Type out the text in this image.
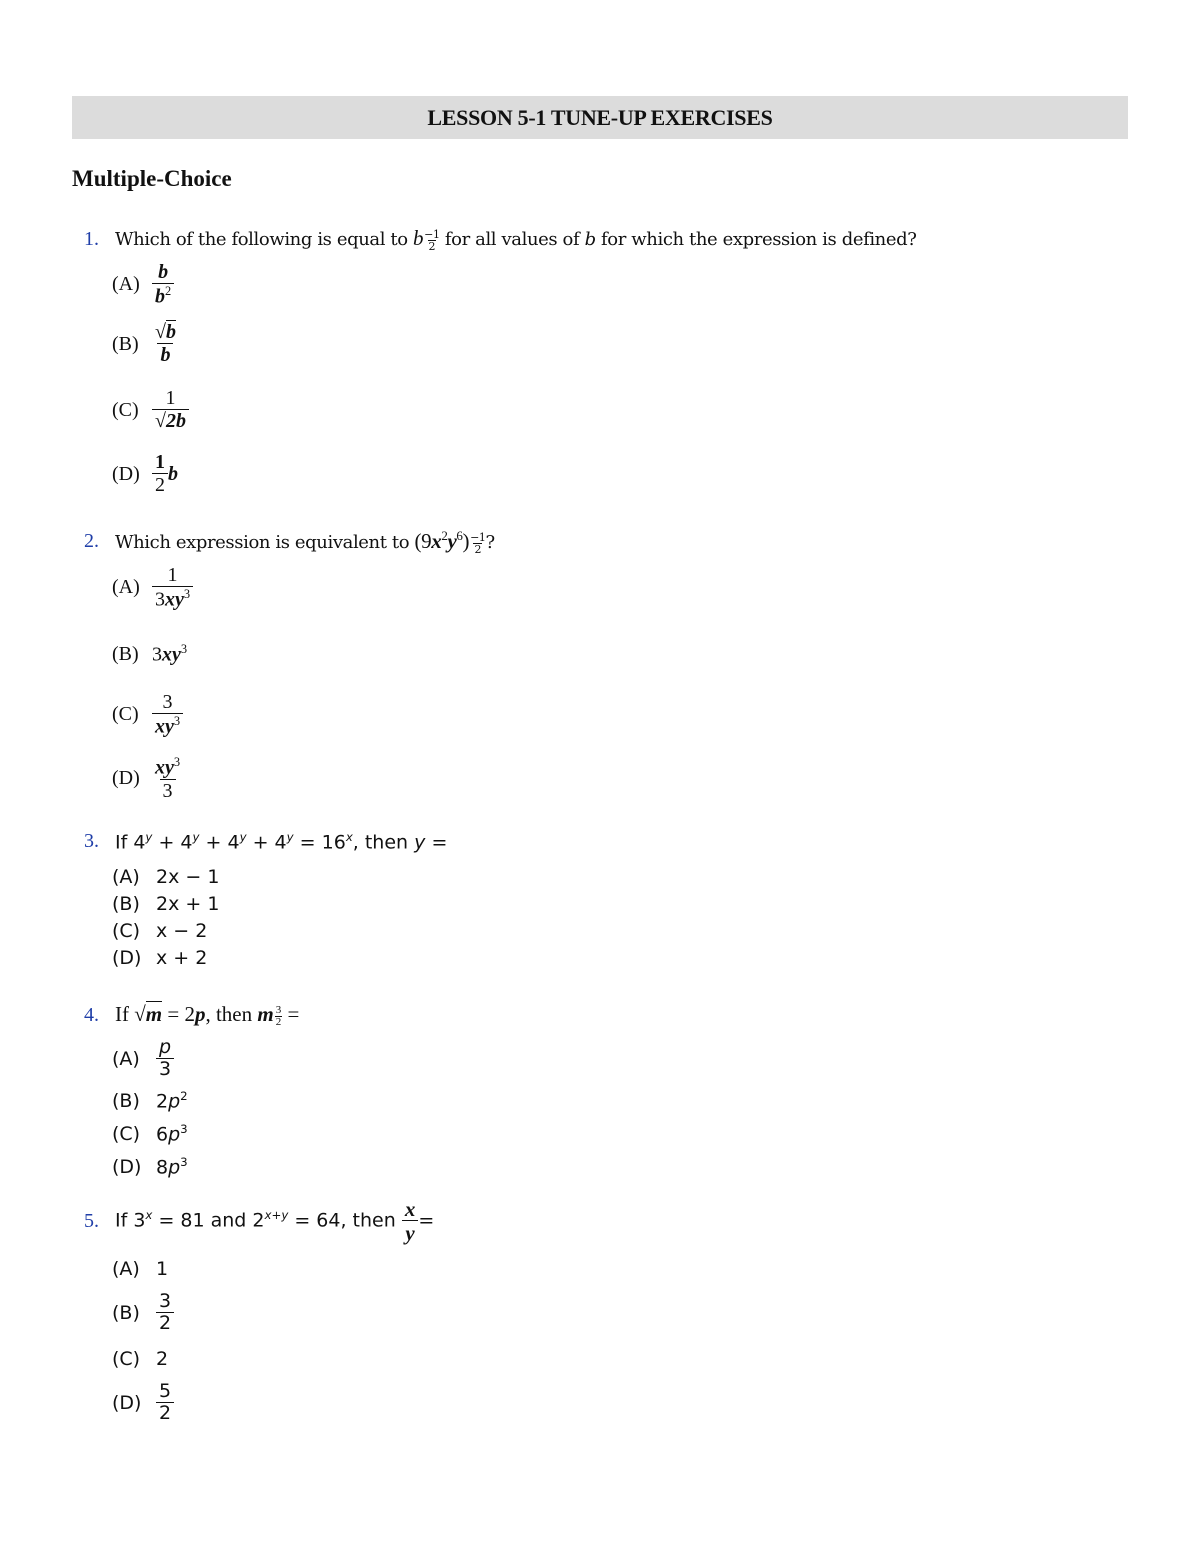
LESSON 5-1 TUNE-UP EXERCISES
Multiple-Choice
1. Which of the following is equal to b $\frac{- 1}{2}$ for all values of b for which the expression is defined?
$(A) \frac{b}{b^2}$
$(B) \frac{√b}{b}$
$(C) \frac{1}{√2b}$
$(D) \frac{1}{2}$ b
2. Which expression is equivalent to $(9x^2y^6) \frac{- 1}{2}$ ?
$(A) \frac{1}{3xy^3}$
(B) $3xy^3$
$(C) \frac{3}{xy^3}$
$(D) \frac{xy^3}{3}$
3. If $4^y + 4^y + 4^y + 4^y = 16^x$, then y =
(A) 2x − 1
(B) 2x + 1
(C) x − 2
(D) x + 2
4. If √m = 2p, then m $\frac{3}{2}$ =
$(A) \frac{p}{3}$
(B) $2p^2$
(C) $6p^3$
(D) $8p^3$
5. If $3^x = 81$ and $2^{x+y} = 64$, then $\frac{x}{y}$ =
(A) 1
$(B) \frac{3}{2}$
(C) 2
$(D) \frac{5}{2}$
